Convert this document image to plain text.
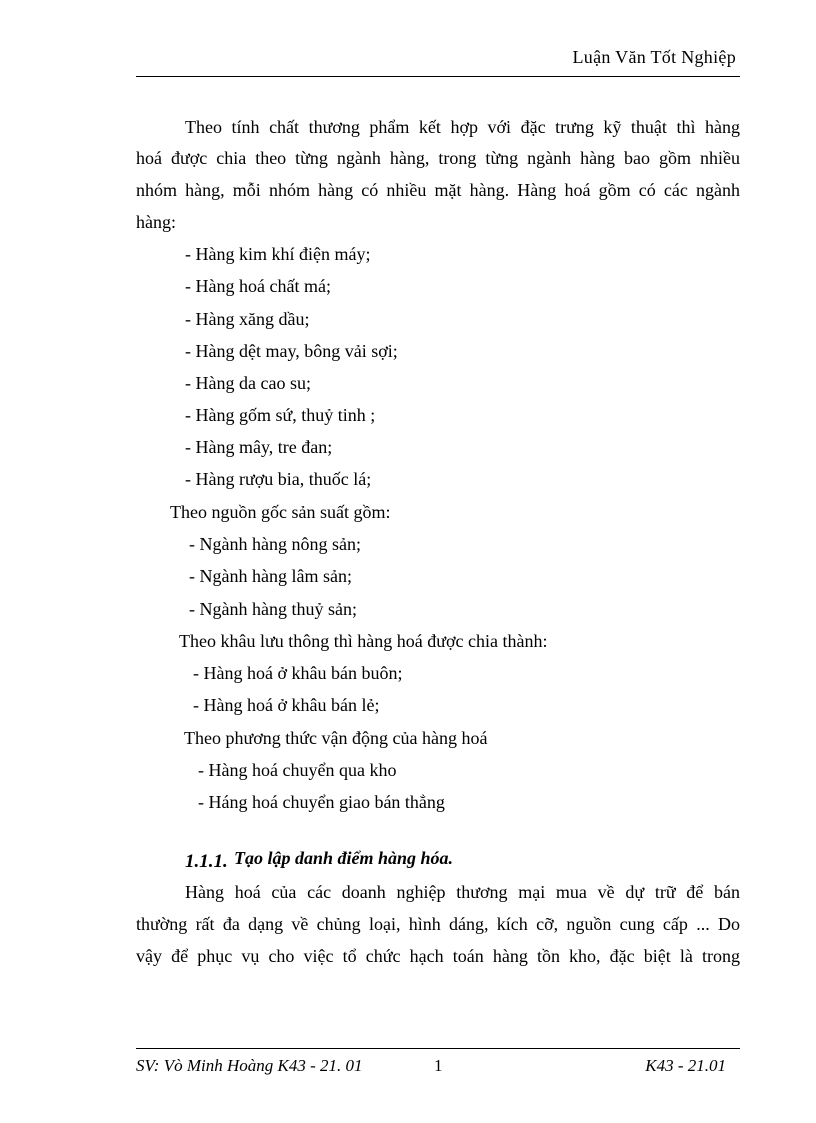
Luận Văn Tốt Nghiệp
Theo tính chất thương phẩm kết hợp với đặc trưng kỹ thuật thì hàng
hoá được chia theo từng ngành hàng, trong từng ngành hàng bao gồm nhiều
nhóm hàng, mỗi nhóm hàng có nhiều mặt hàng. Hàng hoá gồm có các ngành
hàng:
- Hàng kim khí điện máy;
- Hàng hoá chất má;
- Hàng xăng dầu;
- Hàng dệt may, bông vải sợi;
- Hàng da cao su;
- Hàng gốm sứ, thuỷ tinh ;
- Hàng mây, tre đan;
- Hàng rượu bia, thuốc lá;
Theo nguồn gốc sản suất gồm:
- Ngành hàng nông sản;
- Ngành hàng lâm sản;
- Ngành hàng thuỷ sản;
Theo khâu lưu thông thì hàng hoá được chia thành:
- Hàng hoá ở khâu bán buôn;
- Hàng hoá ở khâu bán lẻ;
Theo phương thức vận động của hàng hoá
- Hàng hoá chuyển qua kho
- Háng hoá chuyển giao bán thẳng
1.1.1. Tạo lập danh điểm hàng hóa.
Hàng hoá của các doanh nghiệp thương mại mua về dự trữ để bán
thường rất đa dạng về chủng loại, hình dáng, kích cỡ, nguồn cung cấp ... Do
vậy để phục vụ cho việc tổ chức hạch toán hàng tồn kho, đặc biệt là trong
SV: Vò Minh Hoàng K43 - 21. 01	1	K43 - 21.01
